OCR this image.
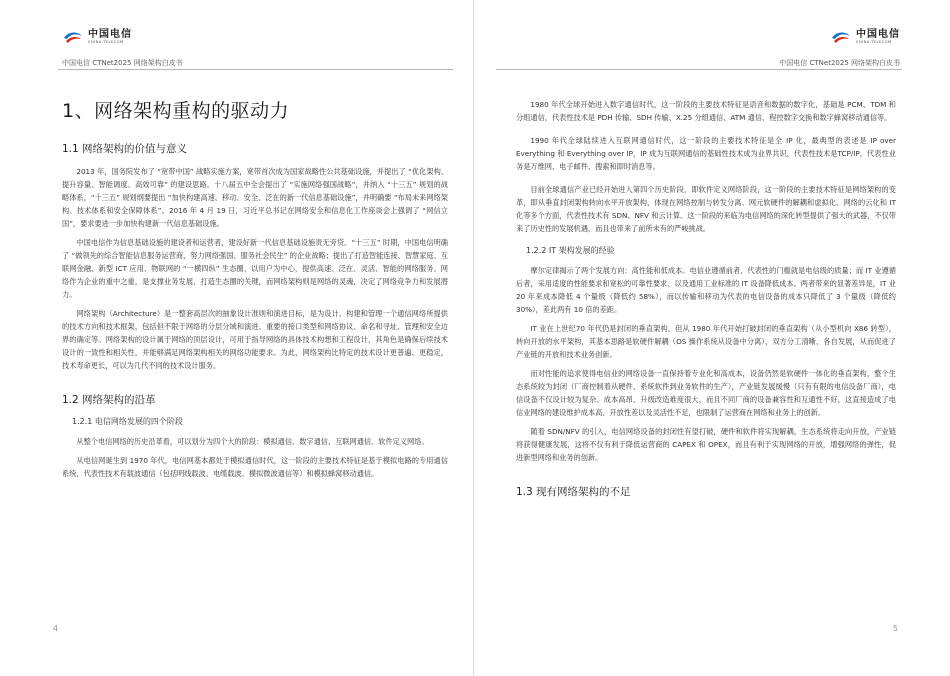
中国电信
CHINA TELECOM
中国电信 CTNet2025 网络架构白皮书
1、网络架构重构的驱动力
1.1 网络架构的价值与意义

2013 年，国务院发布了 “宽带中国” 战略实施方案，宽带首次成为国家战略性公共基础设施，并提出了 “优化架构、提升容量、智能调度、高效可靠” 的建设思路。十八届五中全会提出了 “实施网络强国战略”，并纳入 “十三五” 规划的战略体系，“十三五” 规划纲要提出 “加快构建高速、移动、安全、泛在的新一代信息基础设施”，并明确要 “布局未来网络架构、技术体系和安全保障体系”。2016 年 4 月 19 日，习近平总书记在网络安全和信息化工作座谈会上强调了 “网信立国”，要求要进一步加快构建新一代信息基础设施。

中国电信作为信息基础设施的建设者和运营者，建设好新一代信息基础设施责无旁贷。“十三五” 时期，中国电信明确了 “做领先的综合智能信息服务运营商，努力网络强国、服务社会民生” 的企业战略；提出了打造智能连接、智慧家庭、互联网金融、新型 ICT 应用、物联网的 “一横四纵” 生态圈，以用户为中心，提供高速、泛在、灵活、智能的网络服务。网络作为企业的重中之重，是支撑业务发展、打造生态圈的关键，而网络架构则是网络的灵魂，决定了网络竞争力和发展潜力。

网络架构（Architecture）是一整套高层次的抽象设计准则和演进目标，是为设计、构建和管理一个通信网络所提供的技术方向和技术框架，包括但不限于网络的分层分域和演进、重要的接口类型和网络协议、命名和寻址、管理和安全边界的确定等。网络架构的设计属于网络的顶层设计，可用于指导网络的具体技术构想和工程设计，其角色是确保后续技术设计的一致性和相关性，并能够满足网络架构相关的网络功能要求。为此，网络架构比特定的技术设计更普遍、更稳定，技术寿命更长，可以为几代不同的技术设计服务。

1.2 网络架构的沿革
1.2.1 电信网络发展的四个阶段

从整个电信网络的历史沿革看，可以划分为四个大的阶段：模拟通信、数字通信、互联网通信、软件定义网络。

从电信网诞生到 1970 年代，电信网基本都处于模拟通信时代，这一阶段的主要技术特征是基于模拟电路的专用通信系统，代表性技术有载波通信（包括明线载波、电缆载波、模拟微波通信等）和模拟蜂窝移动通信。

4
中国电信
CHINA TELECOM
中国电信 CTNet2025 网络架构白皮书

1980 年代全球开始进入数字通信时代，这一阶段的主要技术特征是语音和数据的数字化，基础是 PCM、TDM 和分组通信，代表性技术是 PDH 传输、SDH 传输、X.25 分组通信、ATM 通信、程控数字交换和数字蜂窝移动通信等。

1990 年代全球陆续进入互联网通信时代，这一阶段的主要技术特征是全 IP 化，最典型的表述是 IP over Everything 和 Everything over IP，IP 成为互联网通信的基础性技术成为业界共识，代表性技术是TCP/IP，代表性业务是万维网、电子邮件、搜索和即时消息等。

目前全球通信产业已经开始进入第四个历史阶段，即软件定义网络阶段，这一阶段的主要技术特征是网络架构的变革，即从垂直封闭架构转向水平开放架构，体现在网络控制与转发分离、网元软硬件的解耦和虚拟化、网络的云化和 IT 化等多个方面，代表性技术有 SDN、NFV 和云计算。这一阶段的来临为电信网络的深化转型提供了强大的武器，不仅带来了历史性的发展机遇，而且也带来了前所未有的严峻挑战。

1.2.2 IT 架构发展的经验

摩尔定律揭示了两个发展方向：高性能和低成本。电信业遵循前者，代表性的门槛就是电信级的质量；而 IT 业遵循后者，采用适度的性能要求和宽松的可靠性要求、以及通用工业标准的 IT 设备降低成本。两者带来的显著差异是，IT 业 20 年来成本降低 4 个量级（降低约 58%），而以传输和移动为代表的电信设备的成本只降低了 3 个量级（降低约 30%），差此两有 10 倍的差距。

IT 业在上世纪70 年代仍是封闭的垂直架构，但从 1980 年代开始打破封闭的垂直架构（从小型机向 X86 转型），转向开放的水平架构，其基本思路是软硬件解耦（OS 操作系统从设备中分离），双方分工清晰、各自发展，从而促进了产业链的开放和技术业务创新。

而对性能的追求使得电信业的网络设备一直保持着专业化和高成本，设备仍然是软硬件一体化的垂直架构，整个生态系统较为封闭（厂商控制着从硬件、系统软件到业务软件的生产），产业链发展缓慢（只有有限的电信设备厂商），电信设备不仅设计较为复杂、成本高昂、升级改造难度很大，而且不同厂商的设备兼容性和互通性不好，这直接造成了电信业网络的建设维护成本高、开放性差以及灵活性不足，也限制了运营商在网络和业务上的创新。

随着 SDN/NFV 的引入，电信网络设备的封闭性有望打破，硬件和软件将实现解耦，生态系统将走向开放，产业链将获得健康发展，这将不仅有利于降低运营商的 CAPEX 和 OPEX，而且有利于实现网络的开放，增强网络的弹性，促进新型网络和业务的创新。

1.3 现有网络架构的不足
5
